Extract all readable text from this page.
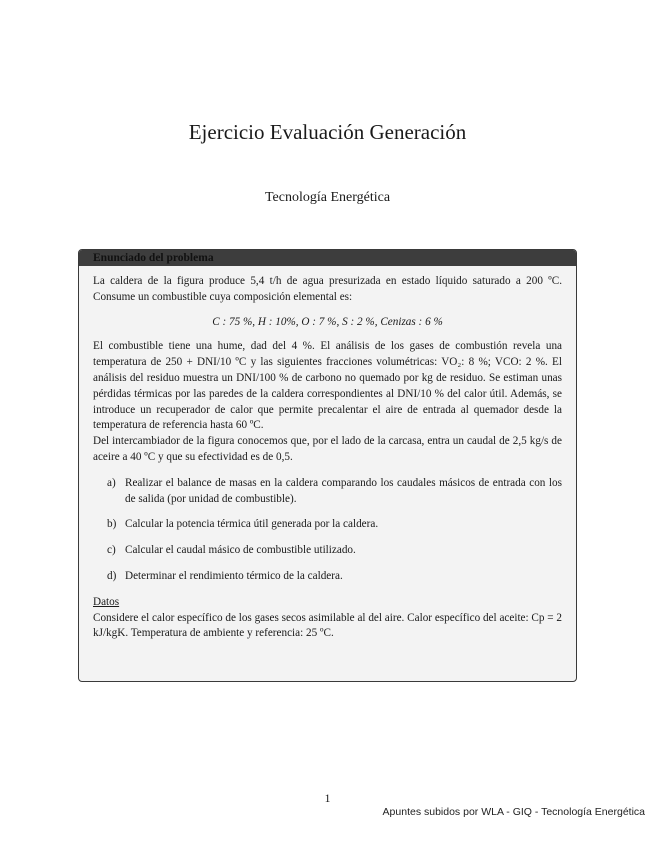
Ejercicio Evaluación Generación
Tecnología Energética
Enunciado del problema

La caldera de la figura produce 5,4 t/h de agua presurizada en estado líquido saturado a 200 ºC. Consume un combustible cuya composición elemental es:

C : 75 %, H : 10%, O : 7 %, S : 2 %, Cenizas : 6 %

El combustible tiene una hume, dad del 4 %. El análisis de los gases de combustión revela una temperatura de 250 + DNI/10 ºC y las siguientes fracciones volumétricas: VO₂: 8 %; VCO: 2 %. El análisis del residuo muestra un DNI/100 % de carbono no quemado por kg de residuo. Se estiman unas pérdidas térmicas por las paredes de la caldera correspondientes al DNI/10 % del calor útil. Además, se introduce un recuperador de calor que permite precalentar el aire de entrada al quemador desde la temperatura de referencia hasta 60 ºC.

Del intercambiador de la figura conocemos que, por el lado de la carcasa, entra un caudal de 2,5 kg/s de aceire a 40 ºC y que su efectividad es de 0,5.

a) Realizar el balance de masas en la caldera comparando los caudales másicos de entrada con los de salida (por unidad de combustible).
b) Calcular la potencia térmica útil generada por la caldera.
c) Calcular el caudal másico de combustible utilizado.
d) Determinar el rendimiento térmico de la caldera.
Datos

Considere el calor específico de los gases secos asimilable al del aire. Calor específico del aceite: Cp = 2 kJ/kgK. Temperatura de ambiente y referencia: 25 ºC.

1
Apuntes subidos por WLA - GIQ - Tecnología Energética
